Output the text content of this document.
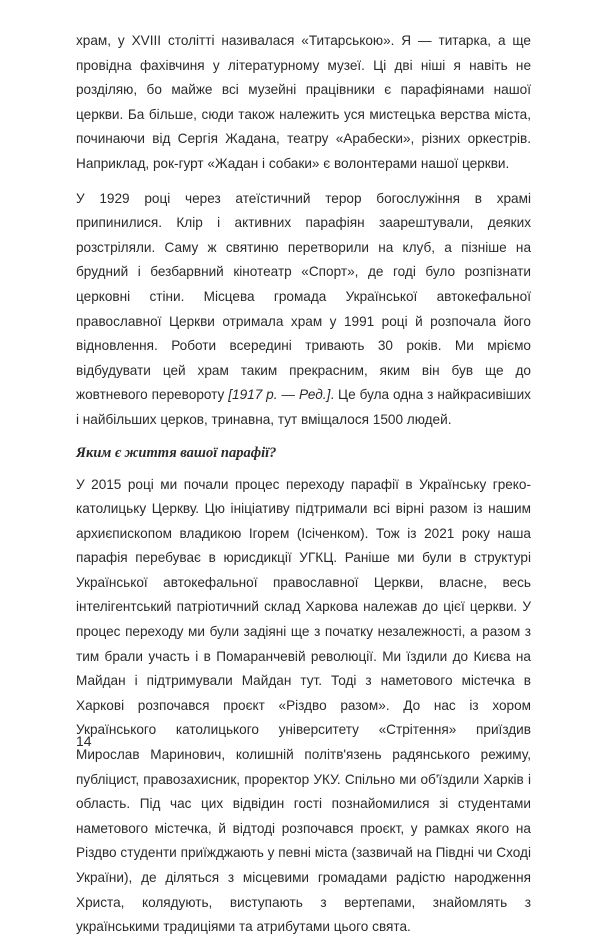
храм, у XVIII столітті називалася «Титарською». Я — титарка, а ще провідна фахівчиня у літературному музеї. Ці дві ніші я навіть не розділяю, бо майже всі музейні працівники є парафіянами нашої церкви. Ба більше, сюди також належить уся мистецька верства міста, починаючи від Сергія Жадана, театру «Арабески», різних оркестрів. Наприклад, рок-гурт «Жадан і собаки» є волонтерами нашої церкви.

У 1929 році через атеїстичний терор богослужіння в храмі припинилися. Клір і активних парафіян заарештували, деяких розстріляли. Саму ж святиню перетворили на клуб, а пізніше на брудний і безбарвний кінотеатр «Спорт», де годі було розпізнати церковні стіни. Місцева громада Української автокефальної православної Церкви отримала храм у 1991 році й розпочала його відновлення. Роботи всередині тривають 30 років. Ми мріємо відбудувати цей храм таким прекрасним, яким він був ще до жовтневого перевороту [1917 р. — Ред.]. Це була одна з найкрасивіших і найбільших церков, тринавна, тут вміщалося 1500 людей.

Яким є життя вашої парафії?

У 2015 році ми почали процес переходу парафії в Українську греко-католицьку Церкву. Цю ініціативу підтримали всі вірні разом із нашим архиєпископом владикою Ігорем (Ісіченком). Тож із 2021 року наша парафія перебуває в юрисдикції УГКЦ. Раніше ми були в структурі Української автокефальної православної Церкви, власне, весь інтелігентський патріотичний склад Харкова належав до цієї церкви. У процес переходу ми були задіяні ще з початку незалежності, а разом з тим брали участь і в Помаранчевій революції. Ми їздили до Києва на Майдан і підтримували Майдан тут. Тоді з наметового містечка в Харкові розпочався проєкт «Різдво разом». До нас із хором Українського католицького університету «Стрітення» приїздив Мирослав Маринович, колишній політв'язень радянського режиму, публіцист, правозахисник, проректор УКУ. Спільно ми об'їздили Харків і область. Під час цих відвідин гості познайомилися зі студентами наметового містечка, й відтоді розпочався проєкт, у рамках якого на Різдво студенти приїжджають у певні міста (зазвичай на Півдні чи Сході України), де діляться з місцевими громадами радістю народження Христа, колядують, виступають з вертепами, знайомлять з українськими традиціями та атрибутами цього свята.

14
